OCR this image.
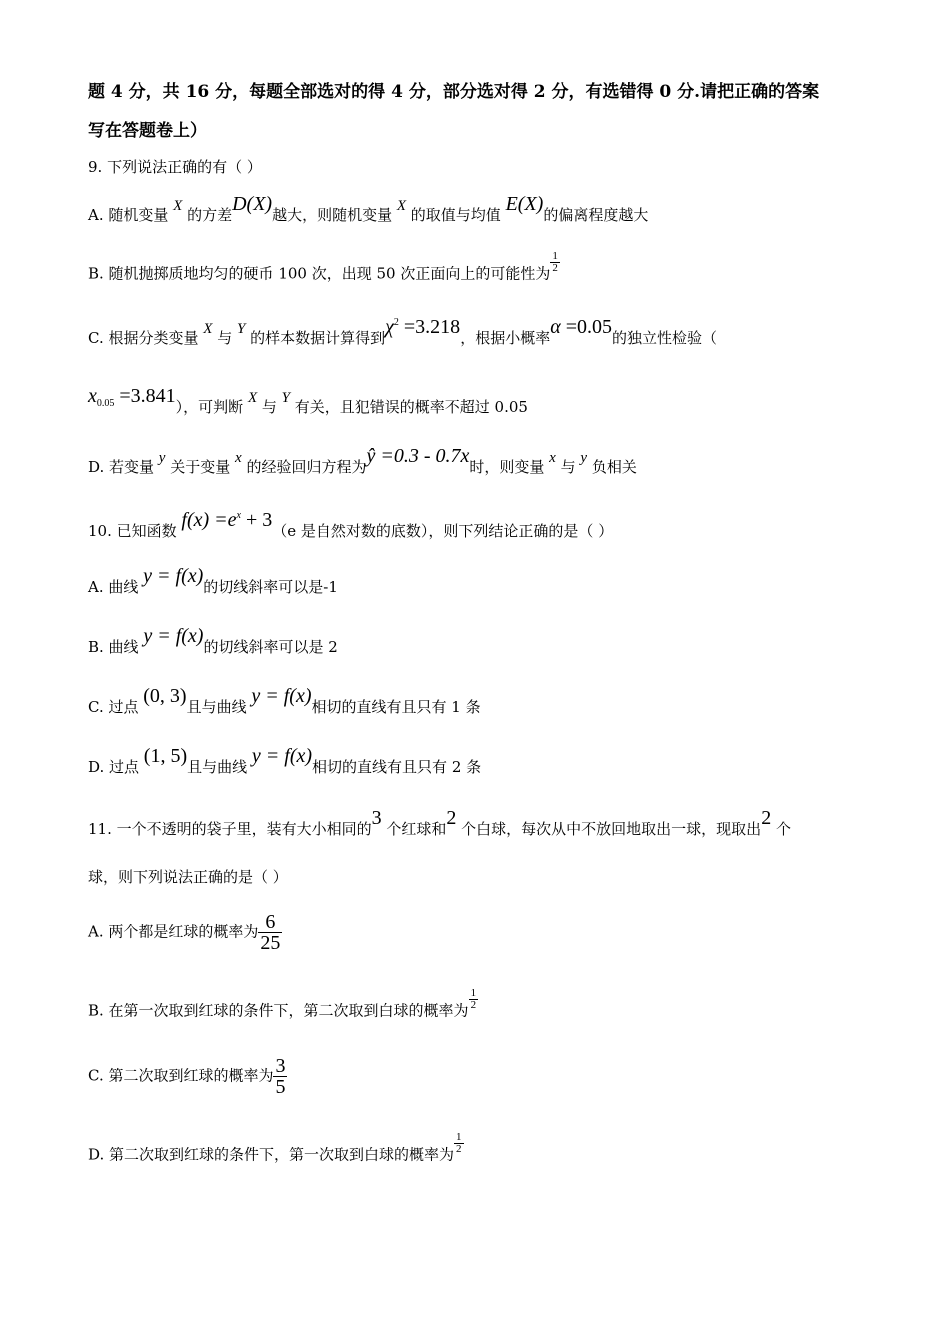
题 4 分，共 16 分，每题全部选对的得 4 分，部分选对得 2 分，有选错得 0 分.请把正确的答案
写在答题卷上）
9. 下列说法正确的有（ ）
A. 随机变量 X 的方差D(X)越大，则随机变量 X 的取值与均值 E(X)的偏离程度越大
B. 随机抛掷质地均匀的硬币 100 次，出现 50 次正面向上的可能性为 $\frac{1}{2}$
C. 根据分类变量 X 与 Y 的样本数据计算得到$\chi^2 =3.218$，根据小概率α =0.05的独立性检验（
$x_{0.05} =3.841$），可判断 X 与 Y 有关，且犯错误的概率不超过 0.05
D. 若变量 y 关于变量 x 的经验回归方程为ŷ =0.3 - 0.7x时，则变量 x 与 y 负相关
10. 已知函数 $f(x) =e^x + 3(e$ 是自然对数的底数），则下列结论正确的是（ ）
A. 曲线 y = f(x)的切线斜率可以是-1
B. 曲线 y = f(x)的切线斜率可以是 2
C. 过点 (0, 3)且与曲线 y = f(x)相切的直线有且只有 1 条
D. 过点 (1, 5)且与曲线 y = f(x)相切的直线有且只有 2 条
11. 一个不透明的袋子里，装有大小相同的3 个红球和2 个白球，每次从中不放回地取出一球，现取出2 个
球，则下列说法正确的是（ ）
A. 两个都是红球的概率为 $\frac{6}{25}$
B. 在第一次取到红球的条件下，第二次取到白球的概率为 $\frac{1}{2}$
C. 第二次取到红球的概率为 $\frac{3}{5}$
D. 第二次取到红球的条件下，第一次取到白球的概率为 $\frac{1}{2}$
